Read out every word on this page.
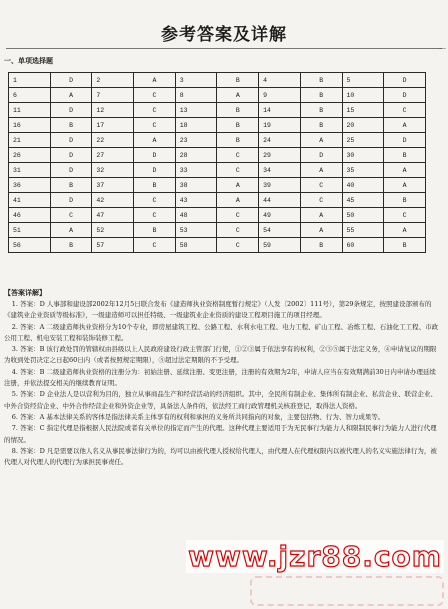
参考答案及详解
—
一、单项选择题
1	D	2	A	3	B	4	B	5	D
6	A	7	C	8	A	9	B	10	D
11	D	12	C	13	B	14	B	15	C
16	B	17	C	18	B	19	B	20	A
21	D	22	A	23	B	24	A	25	D
26	D	27	D	28	C	29	D	30	B
31	D	32	D	33	C	34	A	35	A
36	B	37	B	38	A	39	C	40	A
41	D	42	C	43	A	44	C	45	B
46	C	47	C	48	C	49	A	50	C
51	A	52	B	53	C	54	A	55	A
56	B	57	C	58	C	59	B	60	B
【答案详解】

1. 答案：D 人事部和建设部2002年12月5日联合发布《建造师执业资格制度暂行规定》（人发〔2002〕111号），第29条规定，按照建设部颁布的《建筑业企业资质等级标准》，一级建造师可以担任特级、一级建筑业企业资质的建设工程项目施工的项目经理。

2. 答案：A 二级建造师执业资格分为10个专业，即房屋建筑工程、公路工程、水利水电工程、电力工程、矿山工程、冶炼工程、石油化工工程、市政公用工程、机电安装工程和装饰装修工程。

3. 答案：B 该行政处罚的管辖权由县级以上人民政府建设行政主管部门行使，①②③属于依法享有的权利，②③⑤属于法定义务，④申请复议的期限为收到处罚决定之日起60日内（或者按照规定期限），⑤超过法定期限的不予受理。

4. 答案：B 二级建造师执业资格的注册分为：初始注册、延续注册、变更注册，注册的有效期为2年，申请人应当在有效期满前30日内申请办理延续注册，并依法提交相关的继续教育证明。

5. 答案：D 企业法人是以营利为目的，独立从事商品生产和经营活动的经济组织。其中，全民所有制企业、集体所有制企业、私营企业、联营企业、中外合资经营企业、中外合作经营企业和外资企业等，具备法人条件的，依法经工商行政管理机关核准登记，取得法人资格。

6. 答案：A 基本法律关系的客体是指法律关系主体享有的权利和承担的义务所共同指向的对象，主要包括物、行为、智力成果等。

7. 答案：C 指定代理是指根据人民法院或者有关单位的指定而产生的代理。这种代理主要适用于为无民事行为能力人和限制民事行为能力人进行代理的情况。

8. 答案：D 凡是需要以他人名义从事民事法律行为的，均可以由被代理人授权给代理人，由代理人在代理权限内以被代理人的名义实施法律行为，被代理人对代理人的代理行为承担民事责任。

www.jzr88.com
